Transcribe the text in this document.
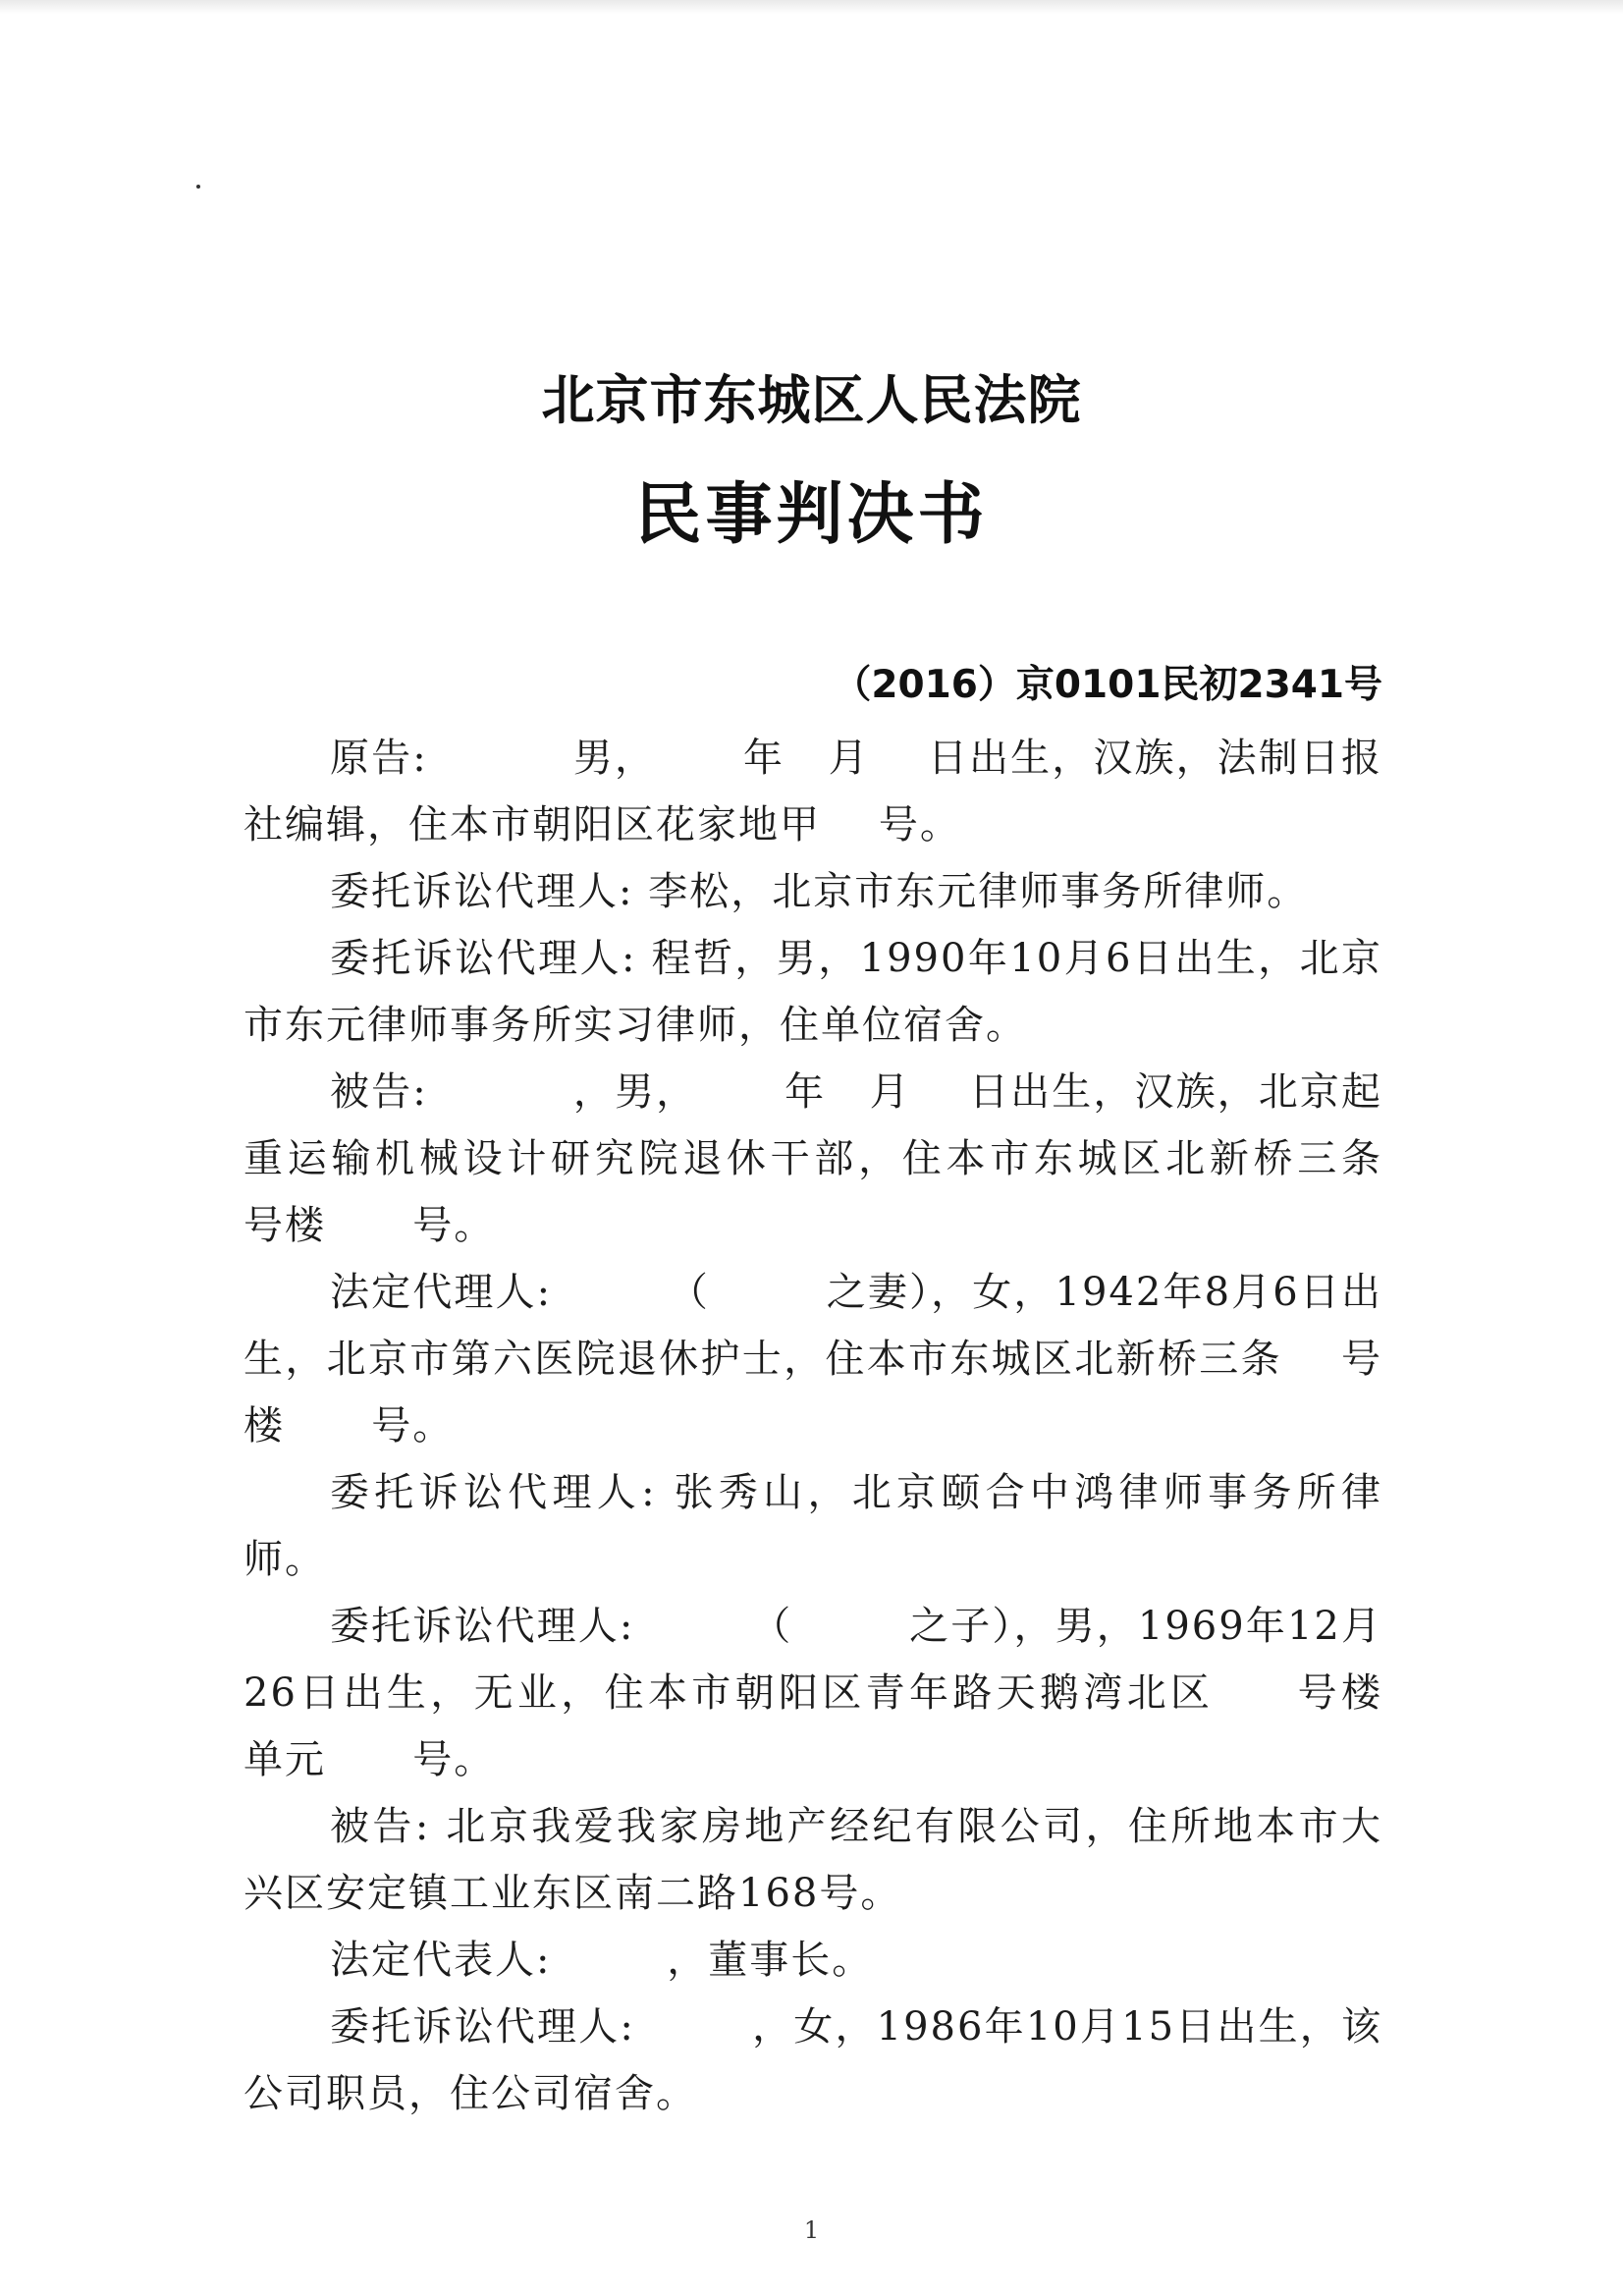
北京市东城区人民法院
民事判决书
（2016）京0101民初2341号

原告:          男，      年   月    日出生，汉族，法制日报社编辑，住本市朝阳区花家地甲    号。

委托诉讼代理人: 李松，北京市东元律师事务所律师。

委托诉讼代理人: 程哲，男，1990年10月6日出生，北京市东元律师事务所实习律师，住单位宿舍。

被告:          ，男，      年   月    日出生，汉族，北京起重运输机械设计研究院退休干部，住本市东城区北新桥三条    号楼      号。

法定代理人:        （        之妻），女，1942年8月6日出生，北京市第六医院退休护士，住本市东城区北新桥三条    号楼      号。

委托诉讼代理人: 张秀山，北京颐合中鸿律师事务所律师。

委托诉讼代理人:        （        之子），男，1969年12月26日出生，无业，住本市朝阳区青年路天鹅湾北区     号楼    单元      号。

被告: 北京我爱我家房地产经纪有限公司，住所地本市大兴区安定镇工业东区南二路168号。

法定代表人:        ，董事长。

委托诉讼代理人:        ，女，1986年10月15日出生，该公司职员，住公司宿舍。

1
